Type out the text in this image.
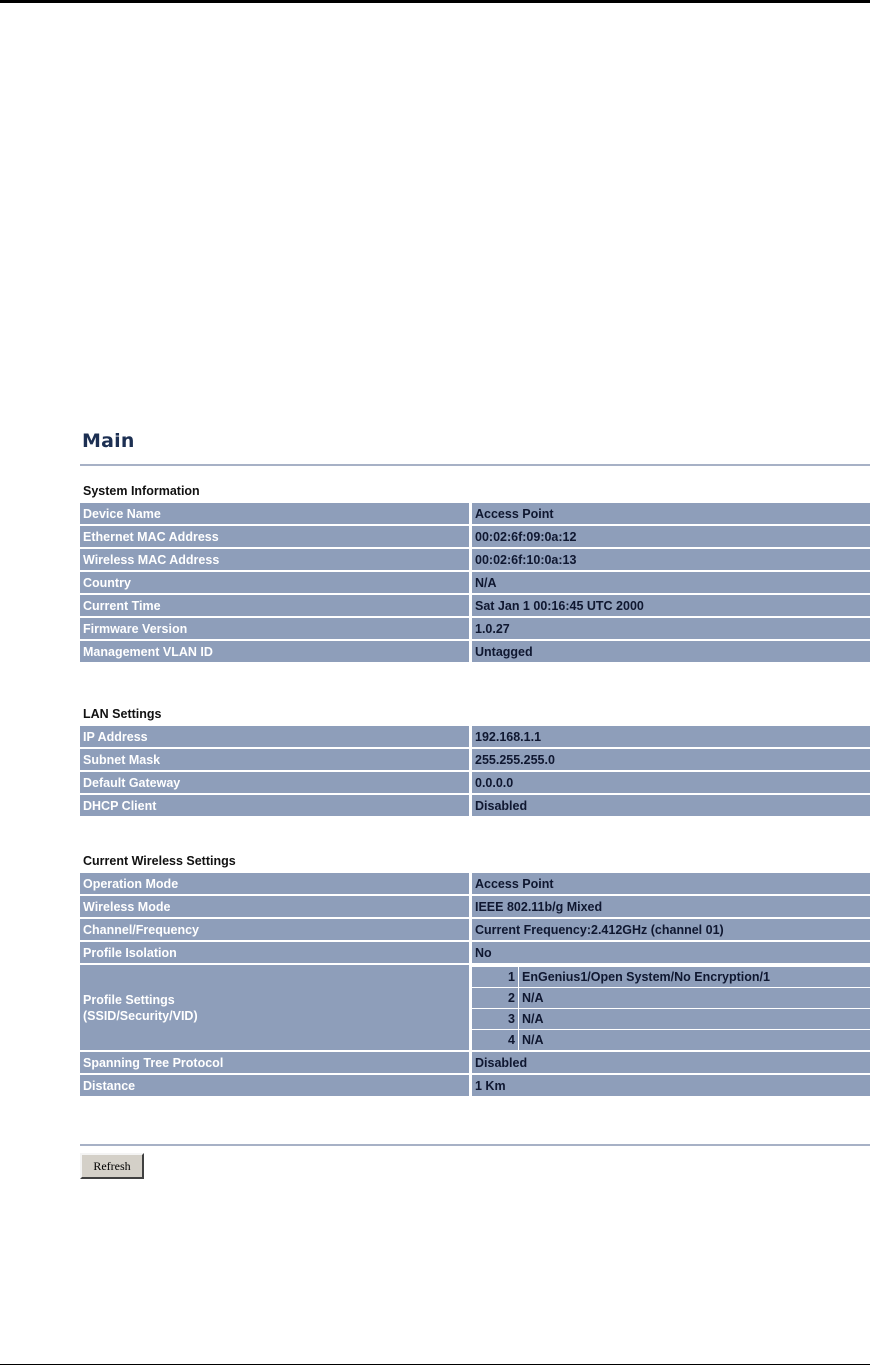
Main
System Information
Device Name	Access Point
Ethernet MAC Address	00:02:6f:09:0a:12
Wireless MAC Address	00:02:6f:10:0a:13
Country	N/A
Current Time	Sat Jan 1 00:16:45 UTC 2000
Firmware Version	1.0.27
Management VLAN ID	Untagged
LAN Settings
IP Address	192.168.1.1
Subnet Mask	255.255.255.0
Default Gateway	0.0.0.0
DHCP Client	Disabled
Current Wireless Settings
Operation Mode	Access Point
Wireless Mode	IEEE 802.11b/g Mixed
Channel/Frequency	Current Frequency:2.412GHz (channel 01)
Profile Isolation	No

Profile Settings
(SSID/Security/VID)

1	EnGenius1/Open System/No Encryption/1
2	N/A
3	N/A
4	N/A

Spanning Tree Protocol	Disabled
Distance	1 Km
Refresh
